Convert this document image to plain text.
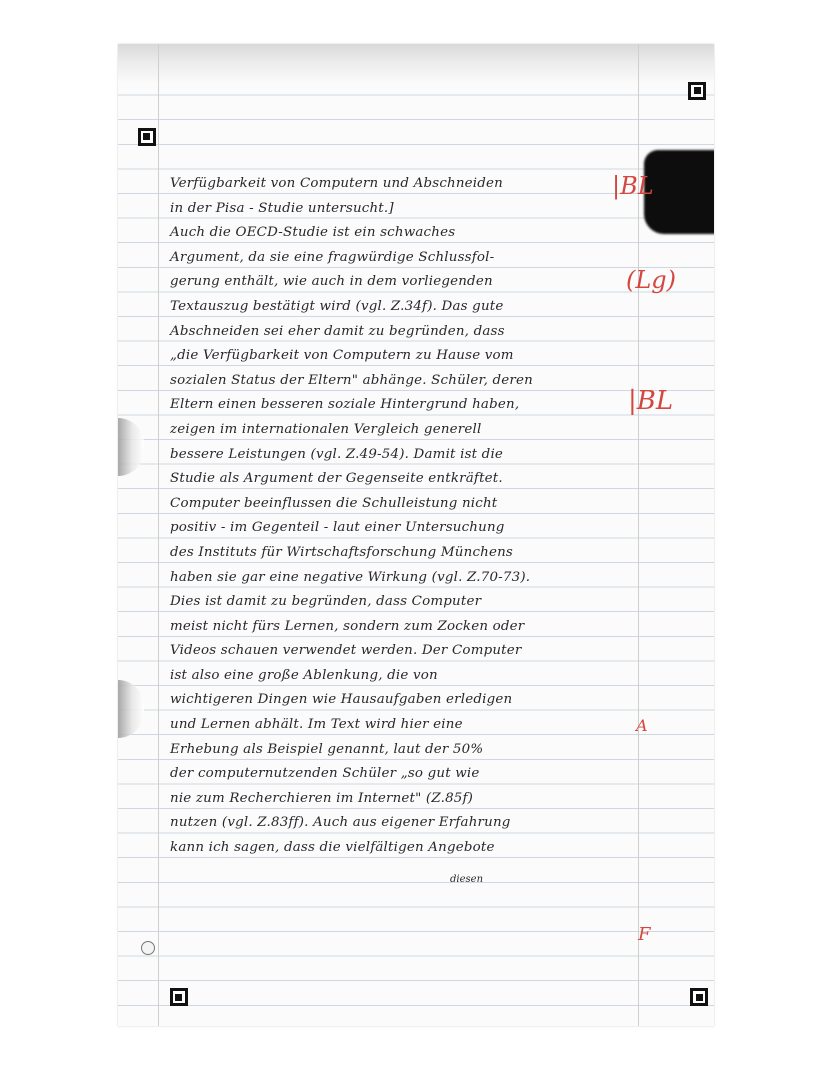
Verfügbarkeit von Computern und Abschneiden
in der Pisa - Studie untersucht.]
Auch die OECD-Studie ist ein schwaches
Argument, da sie eine fragwürdige Schlussfol-
gerung enthält, wie auch in dem vorliegenden
Textauszug bestätigt wird (vgl. Z.34f). Das gute
Abschneiden sei eher damit zu begründen, dass
„die Verfügbarkeit von Computern zu Hause vom
sozialen Status der Eltern" abhänge. Schüler, deren
Eltern einen besseren soziale Hintergrund haben,
zeigen im internationalen Vergleich generell
bessere Leistungen (vgl. Z.49-54). Damit ist die
Studie als Argument der Gegenseite entkräftet.
Computer beeinflussen die Schulleistung nicht
positiv - im Gegenteil - laut einer Untersuchung
des Instituts für Wirtschaftsforschung Münchens
haben sie gar eine negative Wirkung (vgl. Z.70-73).
Dies ist damit zu begründen, dass Computer
meist nicht fürs Lernen, sondern zum Zocken oder
Videos schauen verwendet werden. Der Computer
ist also eine große Ablenkung, die von
wichtigeren Dingen wie Hausaufgaben erledigen
und Lernen abhält. Im Text wird hier eine
Erhebung als Beispiel genannt, laut der 50%
der computernutzenden Schüler „so gut wie
nie zum Recherchieren im Internet" (Z.85f)
nutzen (vgl. Z.83ff). Auch aus eigener Erfahrung
kann ich sagen, dass die vielfältigen Angebote
diesen
|BL
(Lg)
|BL
A
F
